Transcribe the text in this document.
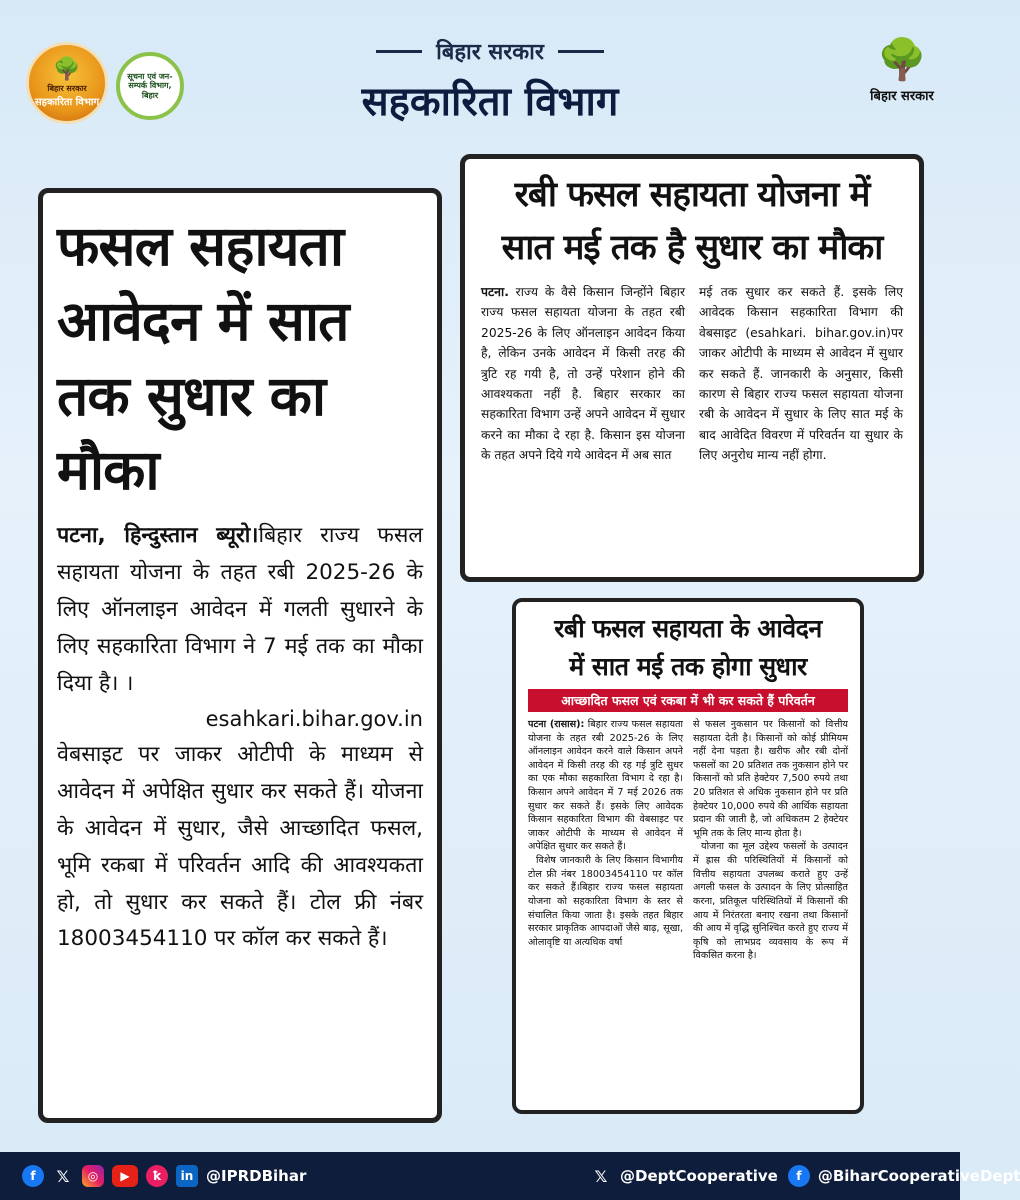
🌳
बिहार सरकार
सहकारिता विभाग
सूचना एवं जन-सम्पर्क विभाग, बिहार
बिहार सरकार
सहकारिता विभाग
🌳
बिहार सरकार
फसल सहायता आवेदन में सात तक सुधार का मौका
पटना, हिन्दुस्तान ब्यूरो।बिहार राज्य फसल सहायता योजना के तहत रबी 2025-26 के लिए ऑनलाइन आवेदन में गलती सुधारने के लिए सहकारिता विभाग ने 7 मई तक का मौका दिया है। ।
esahkari.bihar.gov.in
वेबसाइट पर जाकर ओटीपी के माध्यम से आवेदन में अपेक्षित सुधार कर सकते हैं। योजना के आवेदन में सुधार, जैसे आच्छादित फसल, भूमि रकबा में परिवर्तन आदि की आवश्यकता हो, तो सुधार कर सकते हैं। टोल फ्री नंबर 18003454110 पर कॉल कर सकते हैं।
रबी फसल सहायता योजना में
सात मई तक है सुधार का मौका
पटना. राज्य के वैसे किसान जिन्होंने बिहार राज्य फसल सहायता योजना के तहत रबी 2025-26 के लिए ऑनलाइन आवेदन किया है, लेकिन उनके आवेदन में किसी तरह की त्रुटि रह गयी है, तो उन्हें परेशान होने की आवश्यकता नहीं है. बिहार सरकार का सहकारिता विभाग उन्हें अपने आवेदन में सुधार करने का मौका दे रहा है. किसान इस योजना के तहत अपने दिये गये आवेदन में अब सात
मई तक सुधार कर सकते हैं. इसके लिए आवेदक किसान सहकारिता विभाग की वेबसाइट (esahkari. bihar.gov.in)पर जाकर ओटीपी के माध्यम से आवेदन में सुधार कर सकते हैं. जानकारी के अनुसार, किसी कारण से बिहार राज्य फसल सहायता योजना रबी के आवेदन में सुधार के लिए सात मई के बाद आवेदित विवरण में परिवर्तन या सुधार के लिए अनुरोध मान्य नहीं होगा.
रबी फसल सहायता के आवेदन
में सात मई तक होगा सुधार
आच्छादित फसल एवं रकबा में भी कर सकते हैं परिवर्तन

पटना (रासास): बिहार राज्य फसल सहायता योजना के तहत रबी 2025-26 के लिए ऑनलाइन आवेदन करने वाले किसान अपने आवेदन में किसी तरह की रह गई त्रुटि सुधर का एक मौका सहकारिता विभाग दे रहा है। किसान अपने आवेदन में 7 मई 2026 तक सुधार कर सकते हैं। इसके लिए आवेदक किसान सहकारिता विभाग की वेबसाइट पर जाकर ओटीपी के माध्यम से आवेदन में अपेक्षित सुधार कर सकते हैं।

विशेष जानकारी के लिए किसान विभागीय टोल फ्री नंबर 18003454110 पर कॉल कर सकते हैं।बिहार राज्य फसल सहायता योजना को सहकारिता विभाग के स्तर से संचालित किया जाता है। इसके तहत बिहार सरकार प्राकृतिक आपदाओं जैसे बाढ़, सूखा, ओलावृष्टि या अत्यधिक वर्षा

से फसल नुकसान पर किसानों को वित्तीय सहायता देती है। किसानों को कोई प्रीमियम नहीं देना पड़ता है। खरीफ और रबी दोनों फसलों का 20 प्रतिशत तक नुकसान होने पर किसानों को प्रति हेक्टेयर 7,500 रुपये तथा 20 प्रतिशत से अधिक नुकसान होने पर प्रति हेक्टेयर 10,000 रुपये की आर्थिक सहायता प्रदान की जाती है, जो अधिकतम 2 हेक्टेयर भूमि तक के लिए मान्य होता है।

योजना का मूल उद्देश्य फसलों के उत्पादन में ह्रास की परिस्थितियों में किसानों को वित्तीय सहायता उपलब्ध कराते हुए उन्हें अगली फसल के उत्पादन के लिए प्रोत्साहित करना, प्रतिकूल परिस्थितियों में किसानों की आय में निरंतरता बनाए रखना तथा किसानों की आय में वृद्धि सुनिश्चित करते हुए राज्य में कृषि को लाभप्रद व्यवसाय के रूप में विकसित करना है।

f	𝕏	◎	▶	ꝁ	in @IPRDBihar	𝕏 @DeptCooperative	f	@BiharCooperativeDept
